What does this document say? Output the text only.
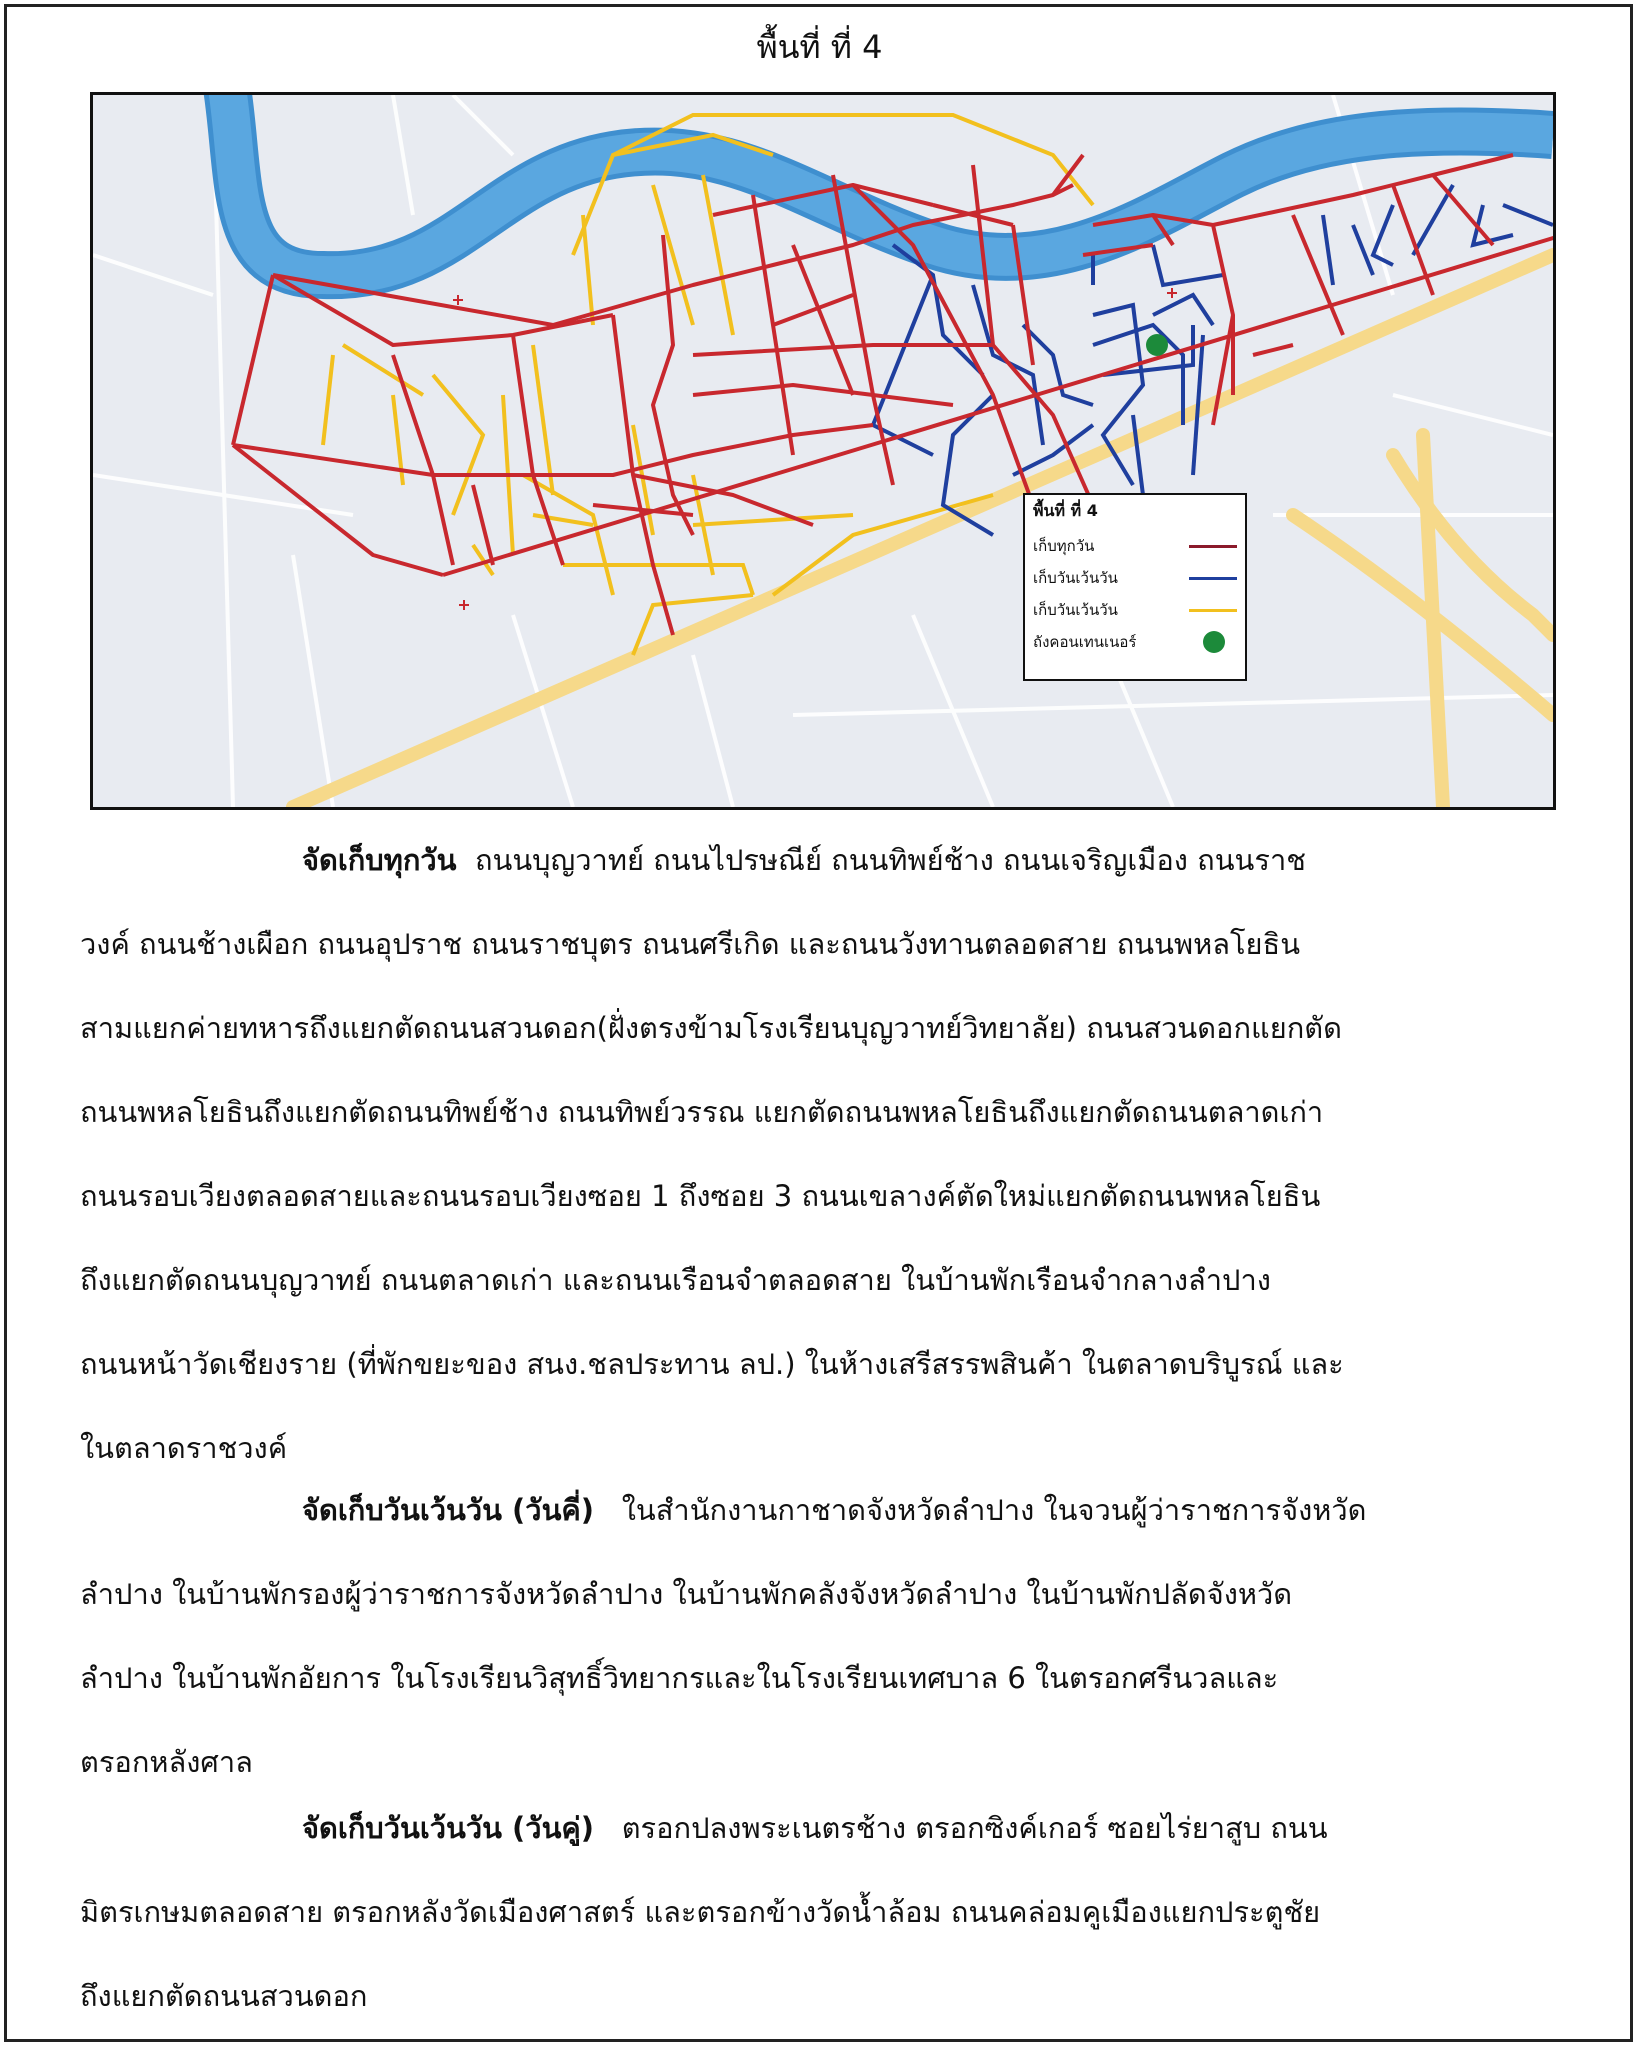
พื้นที่ ที่ 4
พื้นที่ ที่ 4
เก็บทุกวัน
เก็บวันเว้นวัน
เก็บวันเว้นวัน
ถังคอนเทนเนอร์

จัดเก็บทุกวัน ถนนบุญวาทย์ ถนนไปรษณีย์ ถนนทิพย์ช้าง ถนนเจริญเมือง ถนนราช

วงค์ ถนนช้างเผือก ถนนอุปราช ถนนราชบุตร ถนนศรีเกิด และถนนวังทานตลอดสาย ถนนพหลโยธิน

สามแยกค่ายทหารถึงแยกตัดถนนสวนดอก(ฝั่งตรงข้ามโรงเรียนบุญวาทย์วิทยาลัย) ถนนสวนดอกแยกตัด

ถนนพหลโยธินถึงแยกตัดถนนทิพย์ช้าง ถนนทิพย์วรรณ แยกตัดถนนพหลโยธินถึงแยกตัดถนนตลาดเก่า

ถนนรอบเวียงตลอดสายและถนนรอบเวียงซอย 1 ถึงซอย 3 ถนนเขลางค์ตัดใหม่แยกตัดถนนพหลโยธิน

ถึงแยกตัดถนนบุญวาทย์ ถนนตลาดเก่า และถนนเรือนจำตลอดสาย ในบ้านพักเรือนจำกลางลำปาง

ถนนหน้าวัดเชียงราย (ที่พักขยะของ สนง.ชลประทาน ลป.) ในห้างเสรีสรรพสินค้า ในตลาดบริบูรณ์ และ

ในตลาดราชวงค์

จัดเก็บวันเว้นวัน (วันคี่) ในสำนักงานกาชาดจังหวัดลำปาง ในจวนผู้ว่าราชการจังหวัด

ลำปาง ในบ้านพักรองผู้ว่าราชการจังหวัดลำปาง ในบ้านพักคลังจังหวัดลำปาง ในบ้านพักปลัดจังหวัด

ลำปาง ในบ้านพักอัยการ ในโรงเรียนวิสุทธิ์วิทยากรและในโรงเรียนเทศบาล 6 ในตรอกศรีนวลและ

ตรอกหลังศาล

จัดเก็บวันเว้นวัน (วันคู่) ตรอกปลงพระเนตรช้าง ตรอกซิงค์เกอร์ ซอยไร่ยาสูบ ถนน

มิตรเกษมตลอดสาย ตรอกหลังวัดเมืองศาสตร์ และตรอกข้างวัดน้ำล้อม ถนนคล่อมคูเมืองแยกประตูชัย

ถึงแยกตัดถนนสวนดอก
